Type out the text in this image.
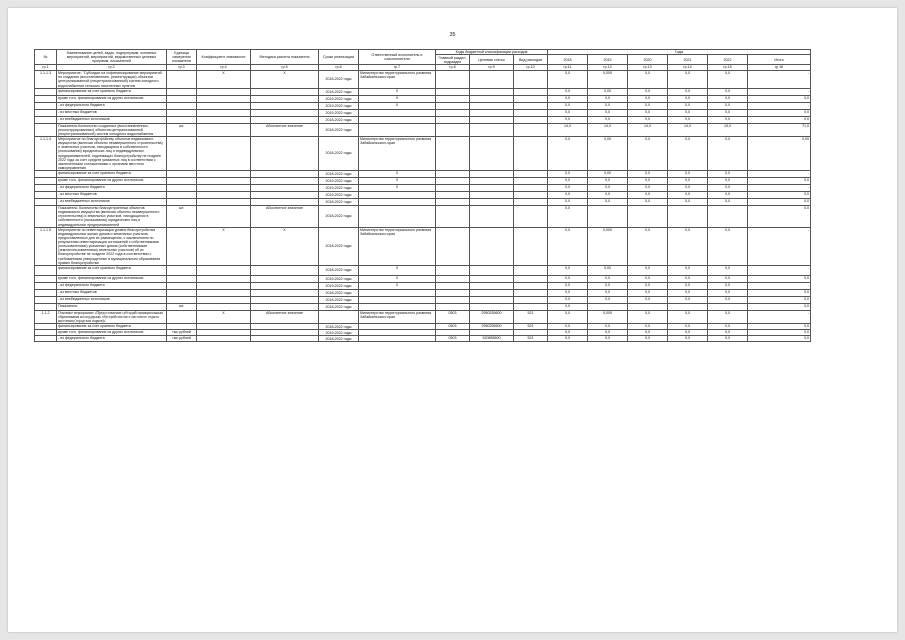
35
№	Наименование целей, задач, подпрограмм, основных мероприятий, мероприятий, ведомственных целевых программ, показателей	Единица измерения показателя	Коэффициент значимости	Методика расчета показателя	Сроки реализации	Ответственный исполнитель и соисполнители	Коды бюджетной классификации расходов			Годы					
							Главный раздел, подраздел	Целевая статья	Вид расходов	2018	2019	2020	2021	2022	Итого

гр.1	гр.2	гр.3	гр.4	гр.5	гр.6	гр.7	гр.8	гр.9	гр.10	гр.11	гр.12	гр.13	гр.14	гр.15	гр.16
1.1.1.3	Мероприятие: "Субсидии на софинансирование мероприятий по созданию (восстановлению, реконструкции) объектов централизованной (нецентрализованной) систем холодного водоснабжения сельских населенных пунктов		Х	Х	2018-2022 годы	Министерство территориального развития Забайкальского края				0,0	0,000	0,0	0,0	0,0	-
	финансирование за счет краевого бюджета				2018-2022 годы	Х				0,0	0,00	0,0	0,0	0,0	-
	кроме того, финансирование из других источников:				2019-2022 годы	Х				0,0	0,0	0,0	0,0	0,0	0,0
	- из федерального бюджета				2019-2022 годы	Х				0,0	0,0	0,0	0,0	0,0	-
	- из местных бюджетов				2019-2022 годы					0,0	0,0	0,0	0,0	0,0	0,0
	- из внебюджетных источников				2018-2022 годы					0,0	0,0	0,0	0,0	0,0	0,0
	Показатель:Количество созданных (восстановленных, реконструированных) объектов централизованной (нецентрализованной) систем холодного водоснабжения	шт.		Абсолютное значение	2018-2022 годы					14,0	14,0	14,0	14,0	15,0	71,0
1.1.1.4	Мероприятие по благоустройству объектов недвижимого имущества (включая объекты незавершенного строительства) и земельных участков, находящихся в собственности (пользовании) юридических лиц и индивидуальных предпринимателей, подлежащих благоустройству не позднее 2022 года за счет средств указанных лиц в соответствии с заключенными соглашениями с органами местного самоуправления				2018-2022 годы	Министерство территориального развития Забайкальского края				0,0	0,00	0,0	0,0	0,0	0,00
	финансирование за счет краевого бюджета				2018-2022 годы	Х				0,0	0,00	0,0	0,0	0,0	-
	кроме того, финансирование из других источников:				2019-2022 годы	Х				0,0	0,0	0,0	0,0	0,0	0,0
	- из федерального бюджета				2019-2022 годы	Х				0,0	0,0	0,0	0,0	0,0	-
	- из местных бюджетов				2019-2022 годы					0,0	0,0	0,0	0,0	0,0	0,0
	- из внебюджетных источников				2018-2022 годы					0,0	0,0	0,0	0,0	0,0	0,0
	Показатель: Количество благоустроенных объектов недвижимого имущества (включая объекты незавершенного строительства) и земельных участков, находящихся в собственности (пользовании) юридических лиц и индивидуальных предпринимателей	шт.		Абсолютное значение	2018-2022 годы					0,0					0,0
1.1.1.5	Мероприятие по инвентаризации уровня благоустройства индивидуальных жилых домов и земельных участков, предоставленных для их размещения, с заключением по результатам инвентаризации соглашений с собственниками (пользователями) указанных домов (собственниками (землепользователями) земельных участков) об их благоустройстве не позднее 2022 года в соответствии с требованиями утвержденных в муниципальном образовании правил благоустройства		Х	Х	2018-2022 годы	Министерство территориального развития Забайкальского края				0,0	0,000	0,0	0,0	0,0	-
	финансирование за счет краевого бюджета				2018-2022 годы	Х				0,0	0,00	0,0	0,0	0,0	-
	кроме того, финансирование из других источников:				2019-2022 годы	Х				0,0	0,0	0,0	0,0	0,0	0,0
	- из федерального бюджета				2019-2022 годы	Х				0,0	0,0	0,0	0,0	0,0	-
	- из местных бюджетов				2018-2022 годы					0,0	0,0	0,0	0,0	0,0	0,0
	- из внебюджетных источников				2018-2022 годы					0,0	0,0	0,0	0,0	0,0	0,0
	Показатель:	шт.			2018-2022 годы					0,0					0,0
1.1.2	Основное мероприятие «Предоставление субсидий муниципальным образованиям на поддержку обустройства мест массового отдыха населения (городских парков)»		Х	Абсолютное значение		Министерство территориального развития Забайкальского края	0503	2950255600	521	0,0	0,000	0,0	0,0	0,0	-
	финансирование за счет краевого бюджета				2018-2022 годы		0503	2950255600	521	0,0	0,0	0,0	0,0	0,0	0,0
	кроме того, финансирование из других источников:	тыс.рублей			2019-2022 годы					0,0	0,0	0,0	0,0	0,0	0,0
	- из федерального бюджета	тыс.рублей			2018-2022 годы		0503	520855600	521	0,0	0,0	0,0	0,0	0,0	0,0
